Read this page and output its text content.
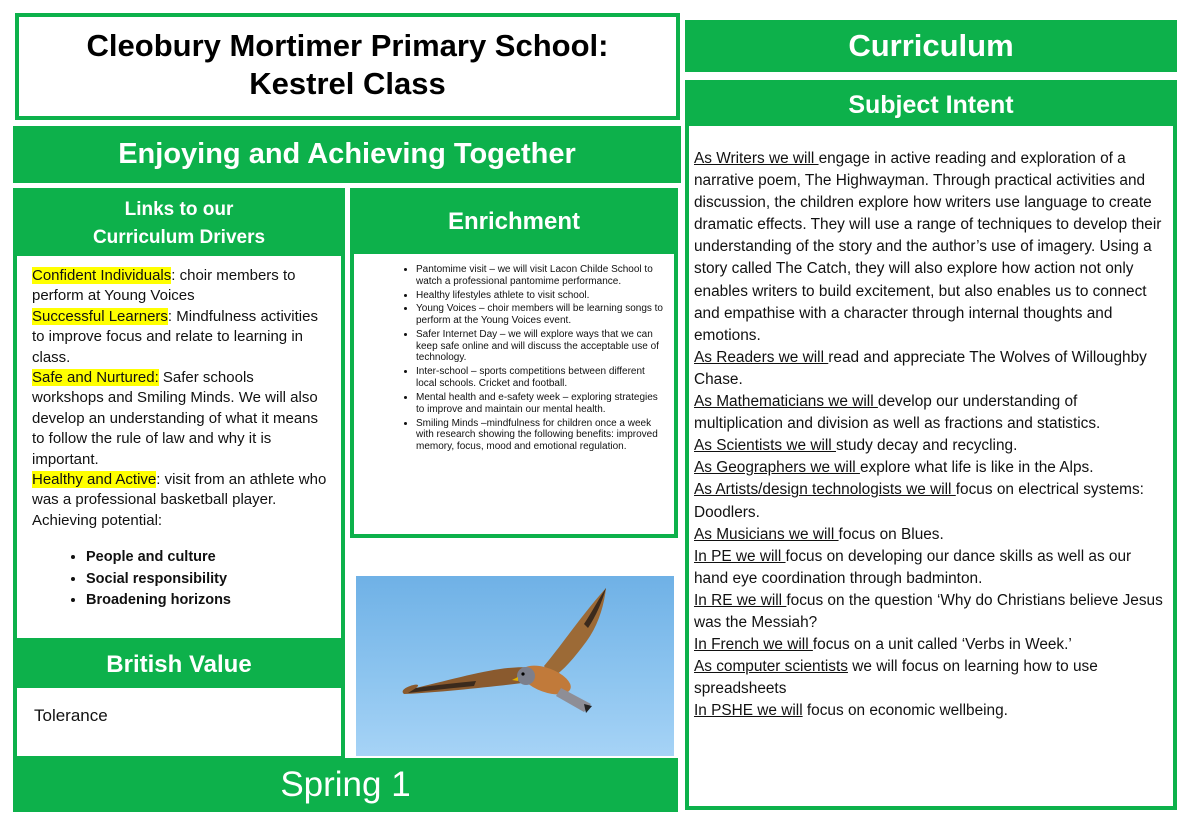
Cleobury Mortimer Primary School:
Kestrel Class
Enjoying and Achieving Together
Links to our
Curriculum Drivers
Confident Individuals: choir members to perform at Young Voices
Successful Learners: Mindfulness activities to improve focus and relate to learning in class.
Safe and Nurtured: Safer schools workshops and Smiling Minds. We will also develop an understanding of what it means to follow the rule of law and why it is important.
Healthy and Active: visit from an athlete who was a professional basketball player.
Achieving potential:
• People and culture
• Social responsibility
• Broadening horizons
British Value
Tolerance
Enrichment
• Pantomime visit – we will visit Lacon Childe School to watch a professional pantomime performance.
• Healthy lifestyles athlete to visit school.
• Young Voices – choir members will be learning songs to perform at the Young Voices event.
• Safer Internet Day – we will explore ways that we can keep safe online and will discuss the acceptable use of technology.
• Inter-school – sports competitions between different local schools. Cricket and football.
• Mental health and e-safety week – exploring strategies to improve and maintain our mental health.
• Smiling Minds –mindfulness for children once a week with research showing the following benefits: improved memory, focus, mood and emotional regulation.
Spring 1
Curriculum
Subject Intent

As Writers we will engage in active reading and exploration of a narrative poem, The Highwayman. Through practical activities and discussion, the children explore how writers use language to create dramatic effects. They will use a range of techniques to develop their understanding of the story and the author’s use of imagery. Using a story called The Catch, they will also explore how action not only enables writers to build excitement, but also enables us to connect and empathise with a character through internal thoughts and emotions.

As Readers we will read and appreciate The Wolves of Willoughby Chase.

As Mathematicians we will develop our understanding of multiplication and division as well as fractions and statistics.

As Scientists we will study decay and recycling.

As Geographers we will explore what life is like in the Alps.

As Artists/design technologists we will focus on electrical systems: Doodlers.

As Musicians we will focus on Blues.

In PE we will focus on developing our dance skills as well as our hand eye coordination through badminton.

In RE we will focus on the question ‘Why do Christians believe Jesus was the Messiah?

In French we will focus on a unit called ‘Verbs in Week.’

As computer scientists we will focus on learning how to use spreadsheets

In PSHE we will focus on economic wellbeing.
